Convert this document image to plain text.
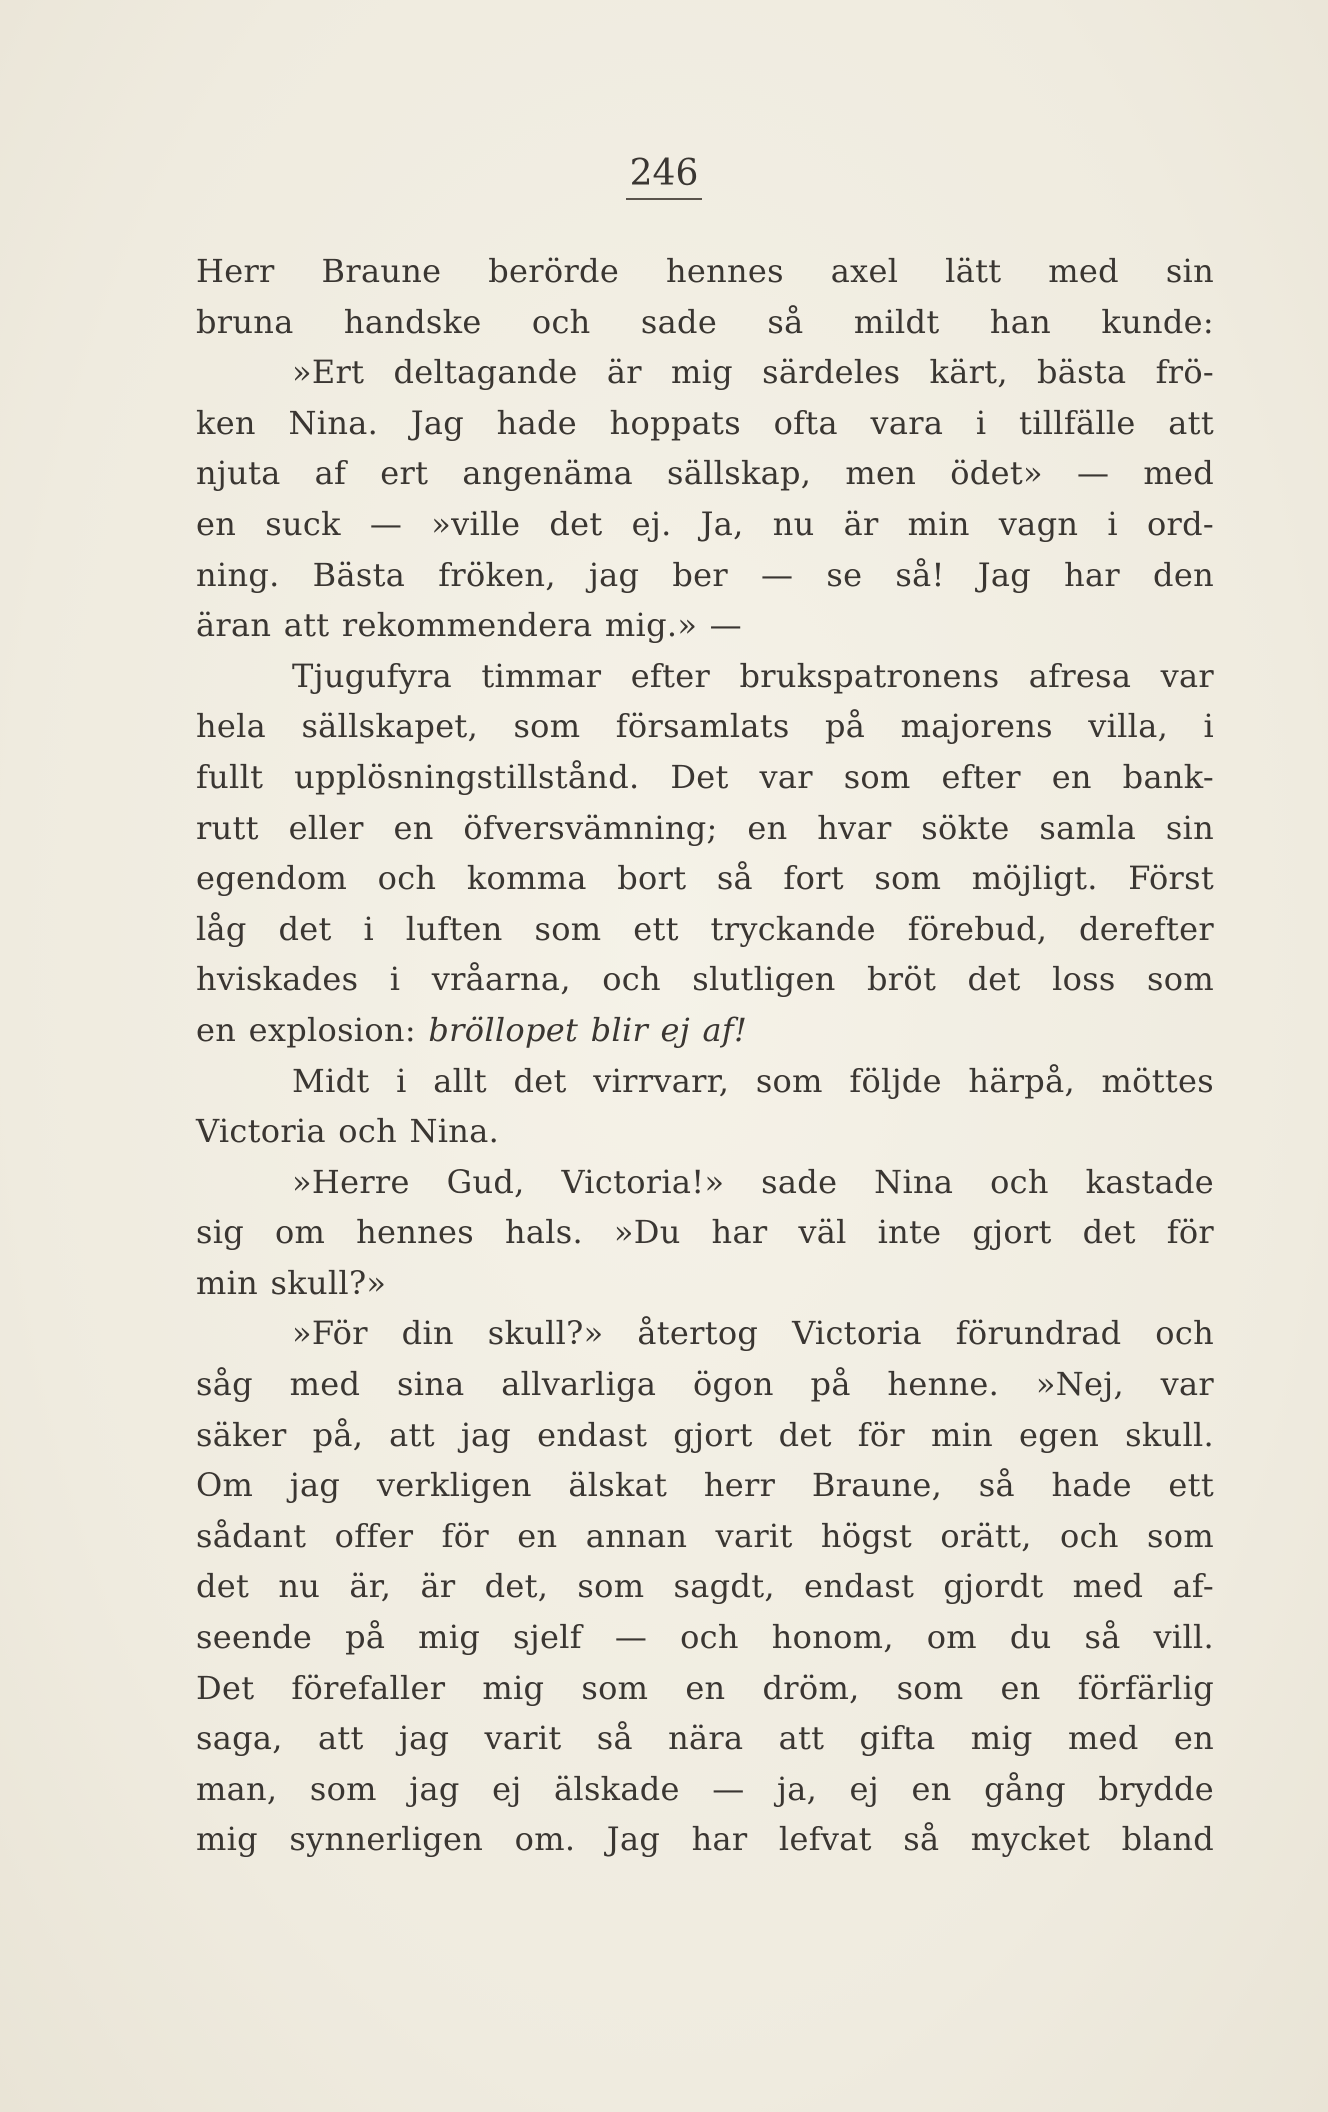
246
Herr Braune berörde hennes axel lätt med sin
bruna handske och sade så mildt han kunde:
»Ert deltagande är mig särdeles kärt, bästa frö-
ken Nina. Jag hade hoppats ofta vara i tillfälle att
njuta af ert angenäma sällskap, men ödet» — med
en suck — »ville det ej. Ja, nu är min vagn i ord-
ning. Bästa fröken, jag ber — se så! Jag har den
äran att rekommendera mig.» —
Tjugufyra timmar efter brukspatronens afresa var
hela sällskapet, som församlats på majorens villa, i
fullt upplösningstillstånd. Det var som efter en bank-
rutt eller en öfversvämning; en hvar sökte samla sin
egendom och komma bort så fort som möjligt. Först
låg det i luften som ett tryckande förebud, derefter
hviskades i vråarna, och slutligen bröt det loss som
en explosion: bröllopet blir ej af!
Midt i allt det virrvarr, som följde härpå, möttes
Victoria och Nina.
»Herre Gud, Victoria!» sade Nina och kastade
sig om hennes hals. »Du har väl inte gjort det för
min skull?»
»För din skull?» återtog Victoria förundrad och
såg med sina allvarliga ögon på henne. »Nej, var
säker på, att jag endast gjort det för min egen skull.
Om jag verkligen älskat herr Braune, så hade ett
sådant offer för en annan varit högst orätt, och som
det nu är, är det, som sagdt, endast gjordt med af-
seende på mig sjelf — och honom, om du så vill.
Det förefaller mig som en dröm, som en förfärlig
saga, att jag varit så nära att gifta mig med en
man, som jag ej älskade — ja, ej en gång brydde
mig synnerligen om. Jag har lefvat så mycket bland
